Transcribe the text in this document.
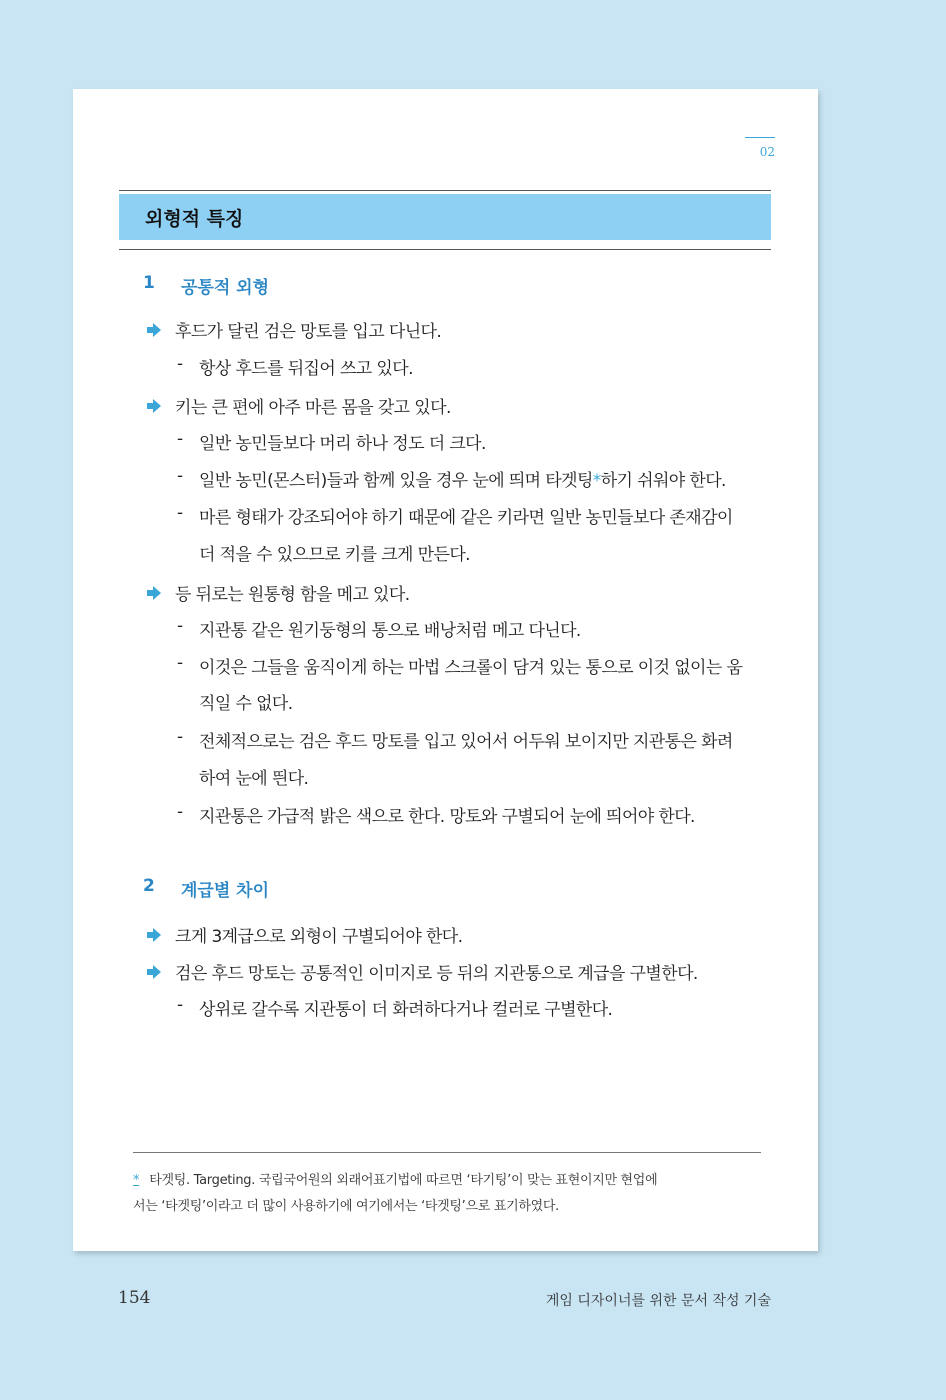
02
외형적 특징
1	공통적 외형
후드가 달린 검은 망토를 입고 다닌다.
- 항상 후드를 뒤집어 쓰고 있다.
키는 큰 편에 아주 마른 몸을 갖고 있다.
- 일반 농민들보다 머리 하나 정도 더 크다.
- 일반 농민(몬스터)들과 함께 있을 경우 눈에 띄며 타겟팅*하기 쉬워야 한다.
- 마른 형태가 강조되어야 하기 때문에 같은 키라면 일반 농민들보다 존재감이
더 적을 수 있으므로 키를 크게 만든다.
등 뒤로는 원통형 함을 메고 있다.
- 지관통 같은 원기둥형의 통으로 배낭처럼 메고 다닌다.
- 이것은 그들을 움직이게 하는 마법 스크롤이 담겨 있는 통으로 이것 없이는 움
직일 수 없다.
- 전체적으로는 검은 후드 망토를 입고 있어서 어두워 보이지만 지관통은 화려
하여 눈에 띈다.
- 지관통은 가급적 밝은 색으로 한다. 망토와 구별되어 눈에 띄어야 한다.
2	계급별 차이
크게 3계급으로 외형이 구별되어야 한다.
검은 후드 망토는 공통적인 이미지로 등 뒤의 지관통으로 계급을 구별한다.
- 상위로 갈수록 지관통이 더 화려하다거나 컬러로 구별한다.
* 타겟팅. Targeting. 국립국어원의 외래어표기법에 따르면 ‘타기팅’이 맞는 표현이지만 현업에
서는 ‘타겟팅’이라고 더 많이 사용하기에 여기에서는 ‘타겟팅’으로 표기하였다.
154	게임 디자이너를 위한 문서 작성 기술
